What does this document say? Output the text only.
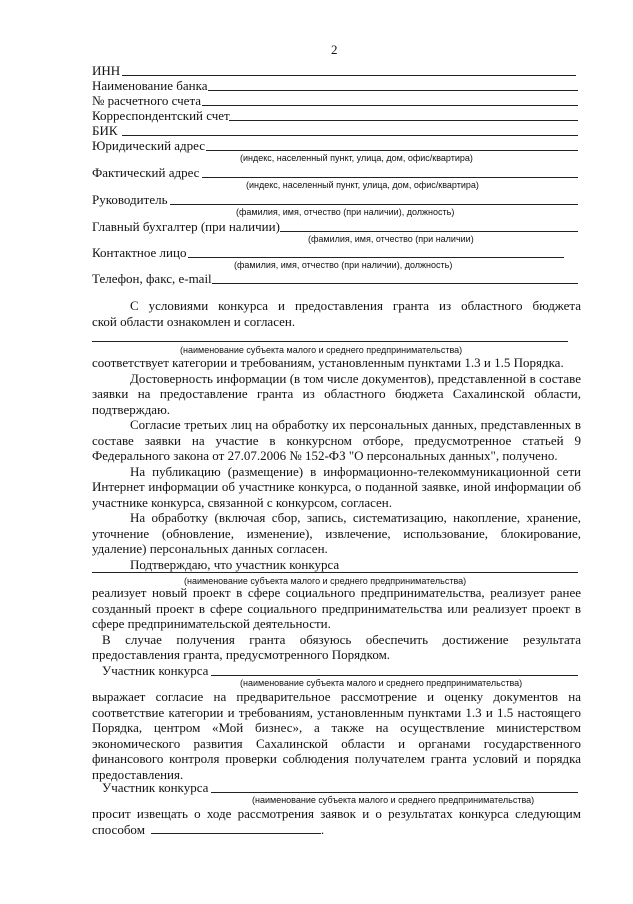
2
ИНН
Наименование банка
№ расчетного счета
Корреспондентский счет
БИК
Юридический адрес
(индекс, населенный пункт, улица, дом, офис/квартира)
Фактический адрес
(индекс, населенный пункт, улица, дом, офис/квартира)
Руководитель
(фамилия, имя, отчество (при наличии), должность)
Главный бухгалтер (при наличии)
(фамилия, имя, отчество (при наличии)
Контактное лицо
(фамилия, имя, отчество (при наличии), должность)
Телефон, факс, e-mail
С условиями конкурса и предоставления гранта из областного бюджета
ской области ознакомлен и согласен.
(наименование субъекта малого и среднего предпринимательства)
соответствует категории и требованиям, установленным пунктами 1.3 и 1.5 Порядка.
Достоверность информации (в том числе документов), представленной в составе
заявки на предоставление гранта из областного бюджета Сахалинской области,
подтверждаю.
Согласие третьих лиц на обработку их персональных данных, представленных в
составе заявки на участие в конкурсном отборе, предусмотренное статьей 9
Федерального закона от 27.07.2006 № 152-ФЗ "О персональных данных", получено.
На публикацию (размещение) в информационно-телекоммуникационной сети
Интернет информации об участнике конкурса, о поданной заявке, иной информации об
участнике конкурса, связанной с конкурсом, согласен.
На обработку (включая сбор, запись, систематизацию, накопление, хранение,
уточнение (обновление, изменение), извлечение, использование, блокирование,
удаление) персональных данных согласен.
Подтверждаю, что участник конкурса
(наименование субъекта малого и среднего предпринимательства)
реализует новый проект в сфере социального предпринимательства, реализует ранее
созданный проект в сфере социального предпринимательства или реализует проект в
сфере предпринимательской деятельности.
В случае получения гранта обязуюсь обеспечить достижение результата
предоставления гранта, предусмотренного Порядком.
Участник конкурса
(наименование субъекта малого и среднего предпринимательства)
выражает согласие на предварительное рассмотрение и оценку документов на
соответствие категории и требованиям, установленным пунктами 1.3 и 1.5 настоящего
Порядка, центром «Мой бизнес», а также на осуществление министерством
экономического развития Сахалинской области и органами государственного
финансового контроля проверки соблюдения получателем гранта условий и порядка
предоставления.
Участник конкурса
(наименование субъекта малого и среднего предпринимательства)
просит извещать о ходе рассмотрения заявок и о результатах конкурса следующим
способом	.
